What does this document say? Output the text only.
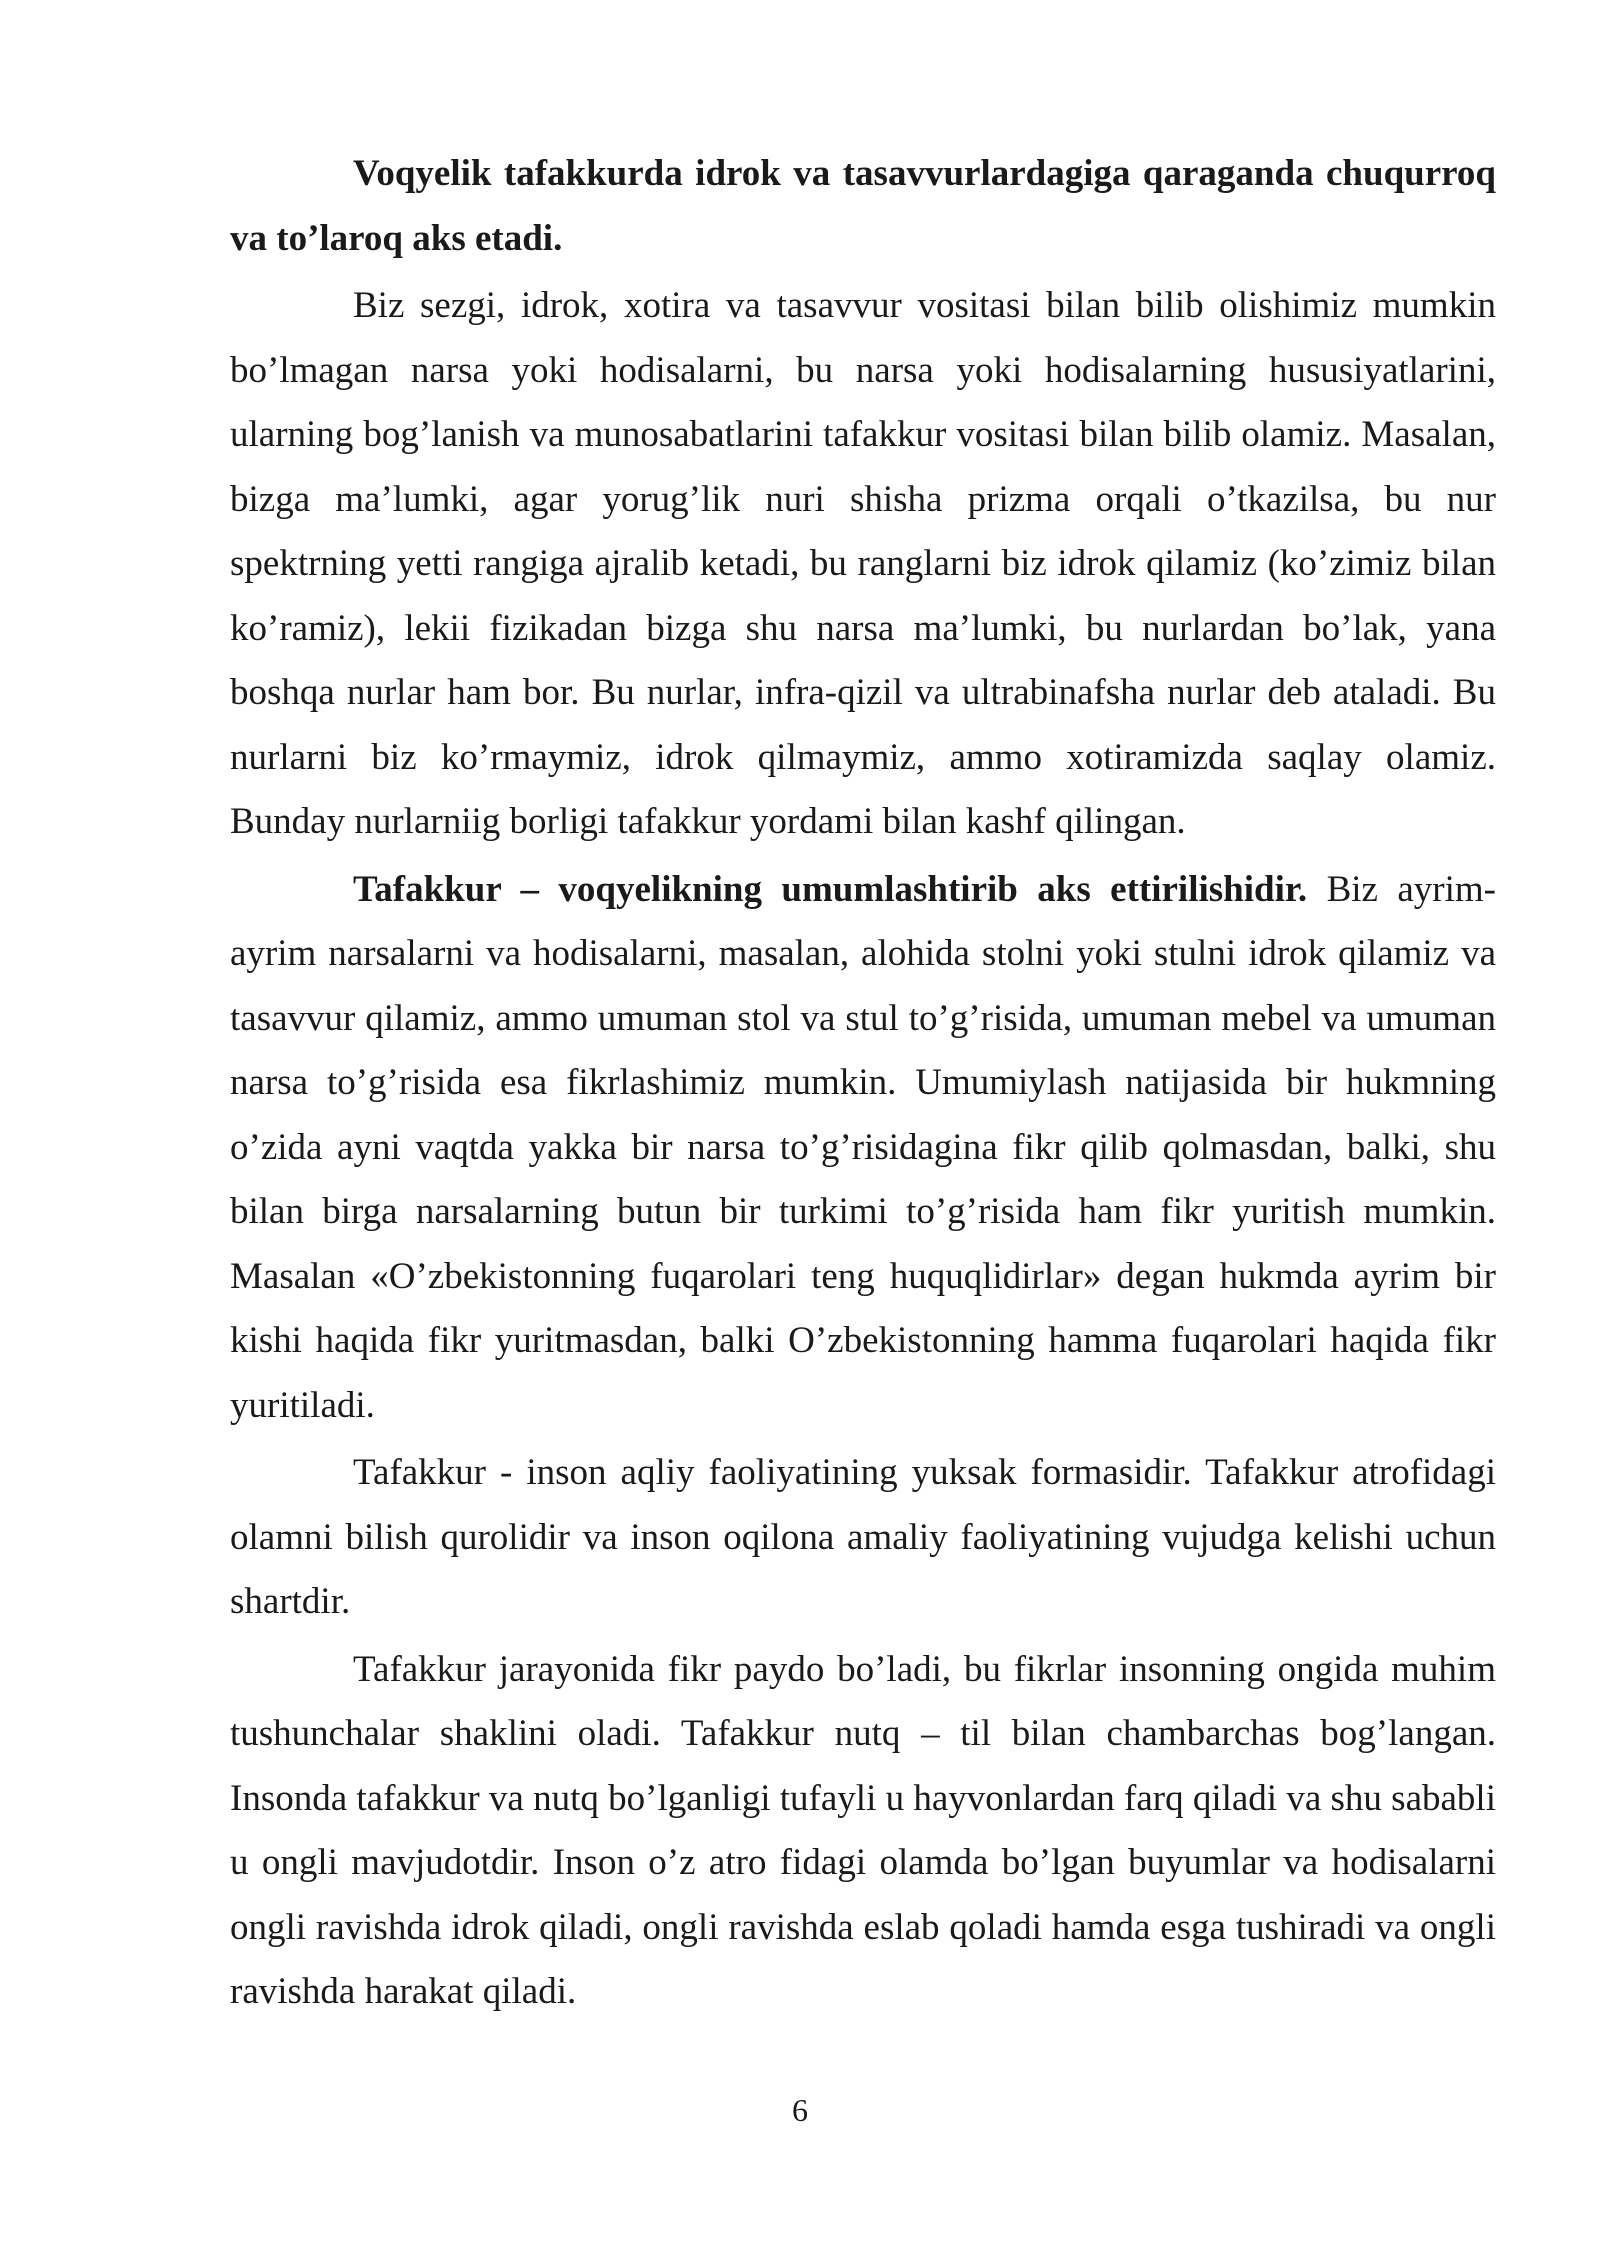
Voqyelik tafakkurda idrok va tasavvurlardagiga qaraganda chuqurroq va to’laroq aks etadi.

Biz sezgi, idrok, xotira va tasavvur vositasi bilan bilib olishimiz mumkin bo’lmagan narsa yoki hodisalarni, bu narsa yoki hodisalarning hususiyatlarini, ularning bog’lanish va munosabatlarini tafakkur vositasi bilan bilib olamiz. Masalan, bizga ma’lumki, agar yorug’lik nuri shisha prizma orqali o’tkazilsa, bu nur spektrning yetti rangiga ajralib ketadi, bu ranglarni biz idrok qilamiz (ko’zimiz bilan ko’ramiz), lekii fizikadan bizga shu narsa ma’lumki, bu nurlardan bo’lak, yana boshqa nurlar ham bor. Bu nurlar, infra-qizil va ultrabinafsha nurlar deb ataladi. Bu nurlarni biz ko’rmaymiz, idrok qilmaymiz, ammo xotiramizda saqlay olamiz. Bunday nurlarniig borligi tafakkur yordami bilan kashf qilingan.

Tafakkur – voqyelikning umumlashtirib aks ettirilishidir. Biz ayrim-ayrim narsalarni va hodisalarni, masalan, alohida stolni yoki stulni idrok qilamiz va tasavvur qilamiz, ammo umuman stol va stul to’g’risida, umuman mebel va umuman narsa to’g’risida esa fikrlashimiz mumkin. Umumiylash natijasida bir hukmning o’zida ayni vaqtda yakka bir narsa to’g’risidagina fikr qilib qolmasdan, balki, shu bilan birga narsalarning butun bir turkimi to’g’risida ham fikr yuritish mumkin. Masalan «O’zbekistonning fuqarolari teng huquqlidirlar» degan hukmda ayrim bir kishi haqida fikr yuritmasdan, balki O’zbekistonning hamma fuqarolari haqida fikr yuritiladi.

Tafakkur - inson aqliy faoliyatining yuksak formasidir. Tafakkur atrofidagi olamni bilish qurolidir va inson oqilona amaliy faoliyatining vujudga kelishi uchun shartdir.

Tafakkur jarayonida fikr paydo bo’ladi, bu fikrlar insonning ongida muhim tushunchalar shaklini oladi. Tafakkur nutq – til bilan chambarchas bog’langan. Insonda tafakkur va nutq bo’lganligi tufayli u hayvonlardan farq qiladi va shu sababli u ongli mavjudotdir. Inson o’z atro fidagi olamda bo’lgan buyumlar va hodisalarni ongli ravishda idrok qiladi, ongli ravishda eslab qoladi hamda esga tushiradi va ongli ravishda harakat qiladi.

6
